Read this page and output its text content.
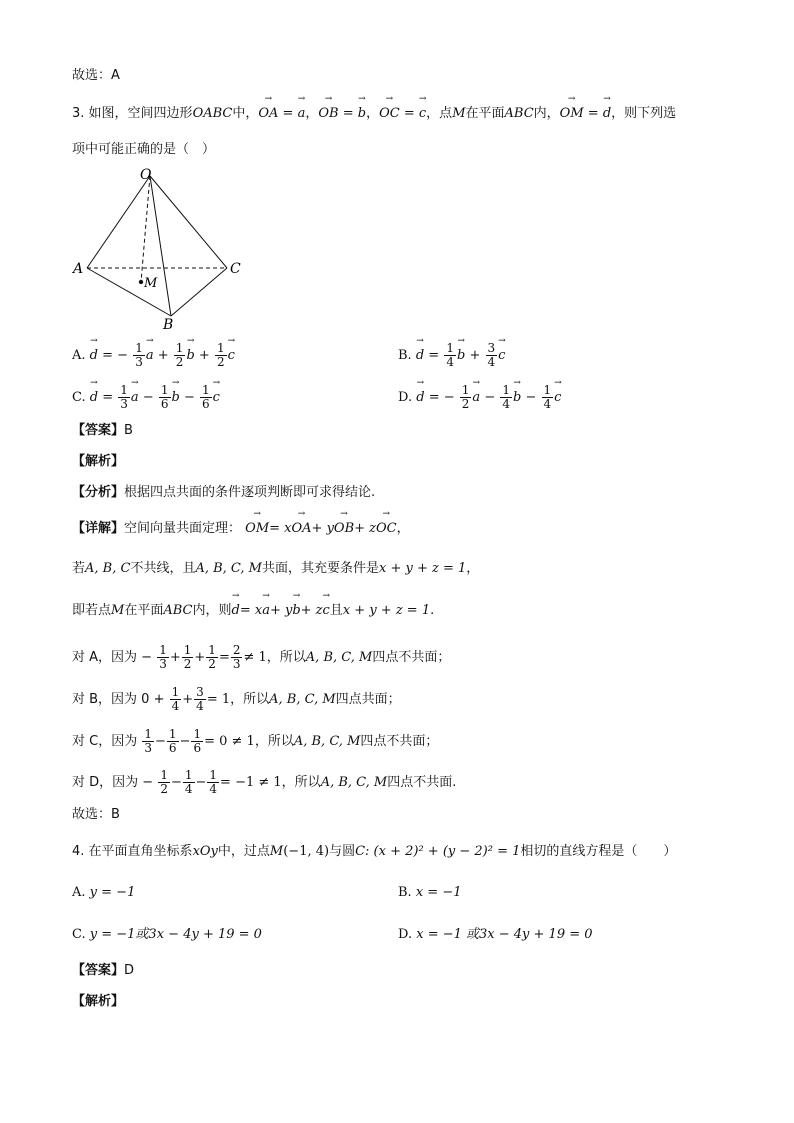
故选：A
3. 如图，空间四边形OABC中，→ OA = → a，→ OB = → b，→ OC = → c，点M在平面ABC内，→ OM = → d，则下列选
项中可能正确的是（　）
O
A	C
B
M
A. → d = − $\frac{1}{3}$
→ $a + \frac{1}{2}$
→ $b + \frac{1}{2}$
→ c	B. → $d = \frac{1}{4}$
→ $b + \frac{3}{4}$
→ c
C. → $d = \frac{1}{3}$
→ $a - \frac{1}{6}$
→ $b - \frac{1}{6}$
→ c	D. → d = − $\frac{1}{2}$
→ $a - \frac{1}{4}$
→ $b - \frac{1}{4}$
→ c
【答案】B
【解析】
【分析】根据四点共面的条件逐项判断即可求得结论.
【详解】空间向量共面定理： → OM= x→ OA+ y→ OB+ z→ OC，
若A, B, C不共线，且A, B, C, M共面，其充要条件是x + y + z = 1，
即若点M在平面ABC内，则→ d= x→ a+ y→ b+ z→ c且x + y + z = 1.
对 A，因为 − $\frac{1}{3} + \frac{1}{2} + \frac{1}{2} = \frac{2}{3} \ne 1$，所以A, B, C, M四点不共面；
对 B，因为 $0 + \frac{1}{4} + \frac{3}{4} = 1$，所以A, B, C, M四点共面；
对 C，因为 $\frac{1}{3} - \frac{1}{6} - \frac{1}{6} = 0 \ne 1$，所以A, B, C, M四点不共面；
对 D，因为 − $\frac{1}{2} - \frac{1}{4} - \frac{1}{4} = -1 \ne 1$，所以A, B, C, M四点不共面.
故选：B
4. 在平面直角坐标系xOy中，过点M(−1, 4)与圆C: (x + 2)² + (y − 2)² = 1相切的直线方程是（　　）
A. y = −1	B. x = −1
C. y = −1或3x − 4y + 19 = 0	D. x = −1 或3x − 4y + 19 = 0
【答案】D
【解析】
